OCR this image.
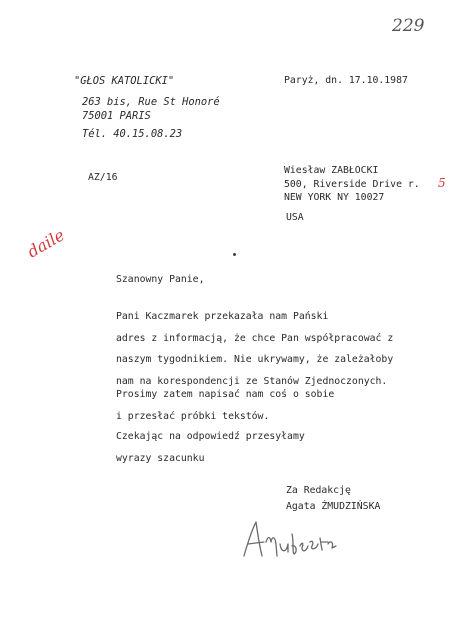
229
"GŁOS KATOLICKI"
263 bis, Rue St Honoré
75001 PARIS
Tél. 40.15.08.23
Paryż, dn. 17.10.1987
AZ/16
Wiesław ZABŁOCKI
500, Riverside Drive r. 5
NEW YORK NY 10027
USA
daile
Szanowny Panie,
Pani Kaczmarek przekazała nam Pański
adres z informacją, że chce Pan współpracować z
naszym tygodnikiem. Nie ukrywamy, że zależałoby
nam na korespondencji ze Stanów Zjednoczonych.
Prosimy zatem napisać nam coś o sobie
i przesłać próbki tekstów.
Czekając na odpowiedź przesyłamy
wyrazy szacunku
Za Redakcję
Agata ŹMUDZIŃSKA
